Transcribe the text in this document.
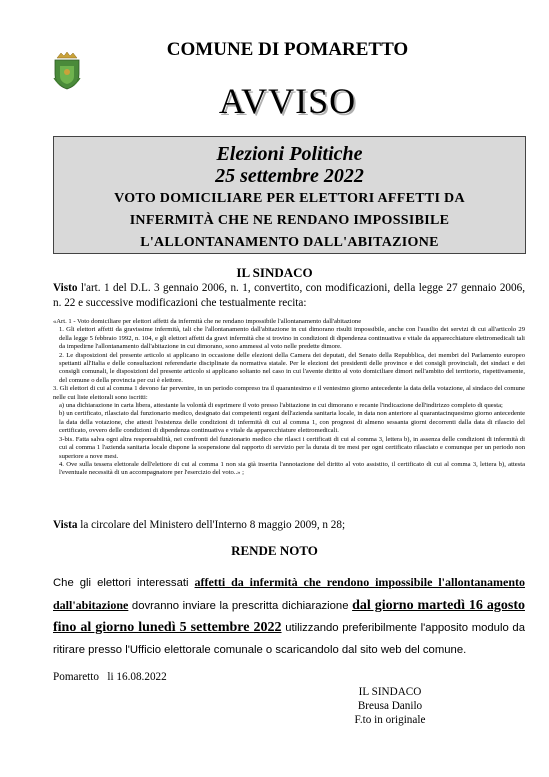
COMUNE DI POMARETTO
AVVISO
Elezioni Politiche
25 settembre 2022
VOTO DOMICILIARE PER ELETTORI AFFETTI DA
INFERMITÀ CHE NE RENDANO IMPOSSIBILE
L'ALLONTANAMENTO DALL'ABITAZIONE
IL SINDACO
Visto l'art. 1 del D.L. 3 gennaio 2006, n. 1, convertito, con modificazioni, della legge 27 gennaio 2006, n. 22 e successive modificazioni che testualmente recita:

«Art. 1 - Voto domiciliare per elettori affetti da infermità che ne rendano impossibile l'allontanamento dall'abitazione

1. Gli elettori affetti da gravissime infermità, tali che l'allontanamento dall'abitazione in cui dimorano risulti impossibile, anche con l'ausilio dei servizi di cui all'articolo 29 della legge 5 febbraio 1992, n. 104, e gli elettori affetti da gravi infermità che si trovino in condizioni di dipendenza continuativa e vitale da apparecchiature elettromedicali tali da impedirne l'allontanamento dall'abitazione in cui dimorano, sono ammessi al voto nelle predette dimore.

2. Le disposizioni del presente articolo si applicano in occasione delle elezioni della Camera dei deputati, del Senato della Repubblica, dei membri del Parlamento europeo spettanti all'Italia e delle consultazioni referendarie disciplinate da normativa statale. Per le elezioni dei presidenti delle province e dei consigli provinciali, dei sindaci e dei consigli comunali, le disposizioni del presente articolo si applicano soltanto nel caso in cui l'avente diritto al voto domiciliare dimori nell'ambito del territorio, rispettivamente, del comune o della provincia per cui è elettore.

3. Gli elettori di cui al comma 1 devono far pervenire, in un periodo compreso tra il quarantesimo e il ventesimo giorno antecedente la data della votazione, al sindaco del comune nelle cui liste elettorali sono iscritti:

a) una dichiarazione in carta libera, attestante la volontà di esprimere il voto presso l'abitazione in cui dimorano e recante l'indicazione dell'indirizzo completo di questa;

b) un certificato, rilasciato dal funzionario medico, designato dai competenti organi dell'azienda sanitaria locale, in data non anteriore al quarantacinquesimo giorno antecedente la data della votazione, che attesti l'esistenza delle condizioni di infermità di cui al comma 1, con prognosi di almeno sessanta giorni decorrenti dalla data di rilascio del certificato, ovvero delle condizioni di dipendenza continuativa e vitale da apparecchiature elettromedicali.

3-bis. Fatta salva ogni altra responsabilità, nei confronti del funzionario medico che rilasci i certificati di cui al comma 3, lettera b), in assenza delle condizioni di infermità di cui al comma 1 l'azienda sanitaria locale dispone la sospensione dal rapporto di servizio per la durata di tre mesi per ogni certificato rilasciato e comunque per un periodo non superiore a nove mesi.

4. Ove sulla tessera elettorale dell'elettore di cui al comma 1 non sia già inserita l'annotazione del diritto al voto assistito, il certificato di cui al comma 3, lettera b), attesta l'eventuale necessità di un accompagnatore per l'esercizio del voto..» ;

Vista la circolare del Ministero dell'Interno 8 maggio 2009, n 28;
RENDE NOTO
Che gli elettori interessati affetti da infermità che rendono impossibile l'allontanamento dall'abitazione dovranno inviare la prescritta dichiarazione dal giorno martedì 16 agosto fino al giorno lunedì 5 settembre 2022 utilizzando preferibilmente l'apposito modulo da ritirare presso l'Ufficio elettorale comunale o scaricandolo dal sito web del comune.
Pomaretto   li 16.08.2022
IL SINDACO
Breusa Danilo
F.to in originale
